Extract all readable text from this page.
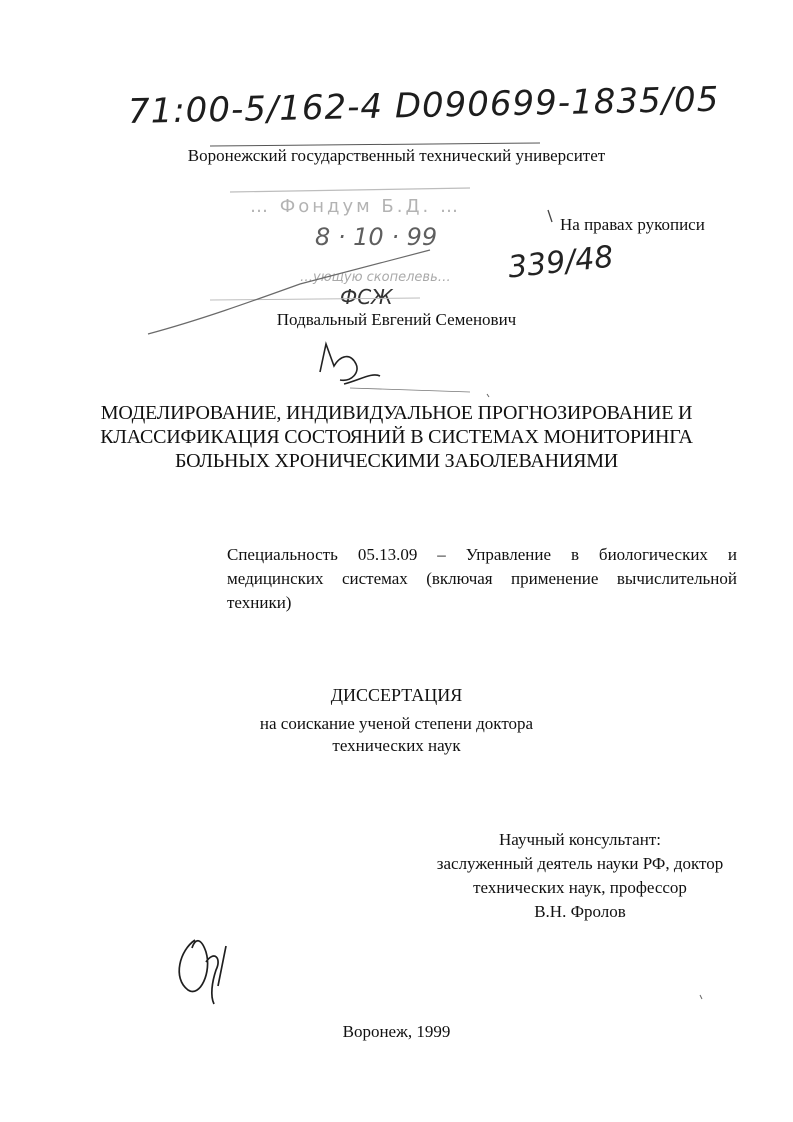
71:00-5/162-4 D090699-1835/05
Воронежский государственный технический университет
… Фондум Б.Д. …
8 · 10 · 99
…ующую скопелевь…
На правах рукописи
339/48
ФСЖ
Подвальный Евгений Семенович
МОДЕЛИРОВАНИЕ, ИНДИВИДУАЛЬНОЕ ПРОГНОЗИРОВАНИЕ И
КЛАССИФИКАЦИЯ СОСТОЯНИЙ В СИСТЕМАХ МОНИТОРИНГА
БОЛЬНЫХ ХРОНИЧЕСКИМИ ЗАБОЛЕВАНИЯМИ
Специальность 05.13.09 – Управление в биологических и медицинских системах (включая применение вычислительной техники)
ДИССЕРТАЦИЯ
на соискание ученой степени доктора
технических наук
Научный консультант:
заслуженный деятель науки РФ, доктор
технических наук, профессор
В.Н. Фролов
Воронеж, 1999
